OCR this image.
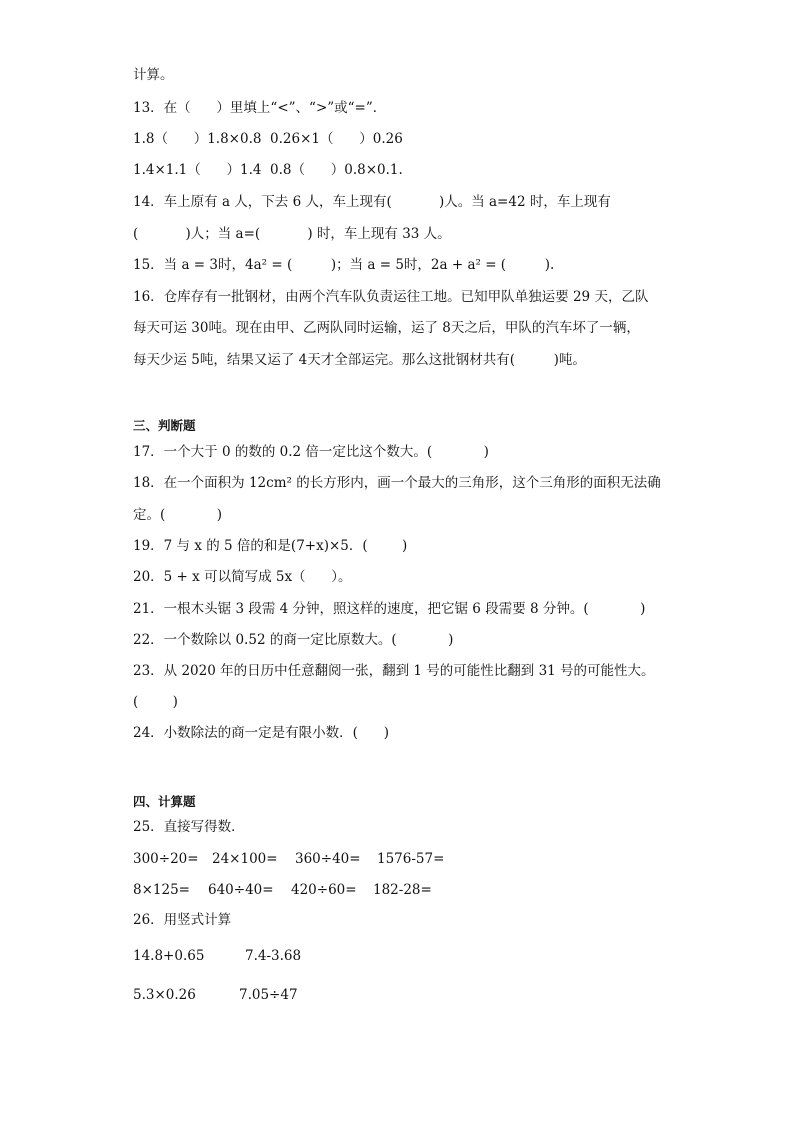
计算。
13．在（      ）里填上“<”、“>”或“=”．
1.8（      ）1.8×0.8  0.26×1（      ）0.26
1.4×1.1（      ）1.4  0.8（      ）0.8×0.1.
14．车上原有 a 人，下去 6 人，车上现有(           )人。当 a=42 时，车上现有
(           )人；当 a=(           ) 时，车上现有 33 人。
15．当 a = 3时，4a² = (         )；当 a = 5时，2a + a² = (         ).
16．仓库存有一批钢材，由两个汽车队负责运往工地。已知甲队单独运要 29 天，乙队
每天可运 30吨。现在由甲、乙两队同时运输，运了 8天之后，甲队的汽车坏了一辆，
每天少运 5吨，结果又运了 4天才全部运完。那么这批钢材共有(         )吨。
三、判断题
17．一个大于 0 的数的 0.2 倍一定比这个数大。(            )
18．在一个面积为 12cm² 的长方形内，画一个最大的三角形，这个三角形的面积无法确
定。(            )
19．7 与 x 的 5 倍的和是(7+x)×5．(        )
20．5 + x 可以简写成 5x（      ）。
21．一根木头锯 3 段需 4 分钟，照这样的速度，把它锯 6 段需要 8 分钟。(            )
22．一个数除以 0.52 的商一定比原数大。(            )
23．从 2020 年的日历中任意翻阅一张，翻到 1 号的可能性比翻到 31 号的可能性大。
(        )
24．小数除法的商一定是有限小数．(      )
四、计算题
25．直接写得数．
300÷20= 24×100= 360÷40= 1576-57=
8×125= 640÷40= 420÷60= 182-28=
26．用竖式计算
14.8+0.65	7.4-3.68
5.3×0.26	7.05÷47
